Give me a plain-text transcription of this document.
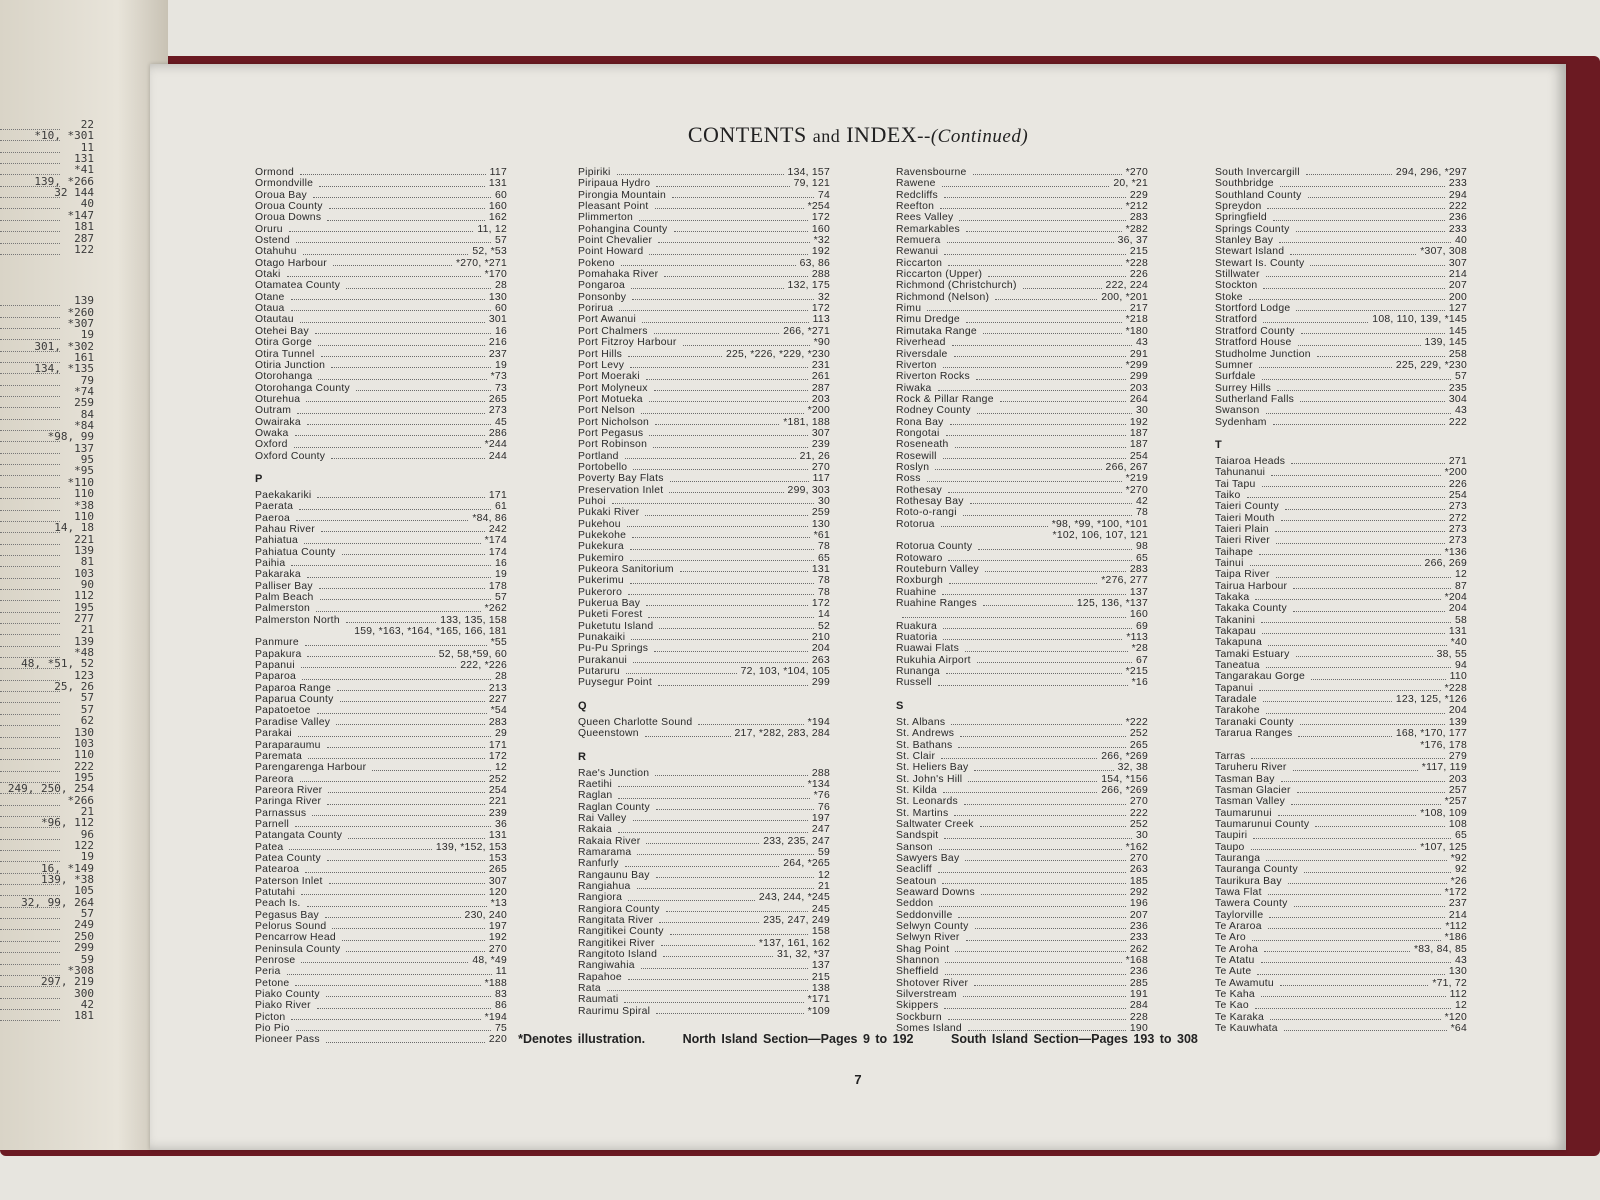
22
*10, *301
11
131
*41
139, *266
32 144
40
*147
181
287
122
139
*260
*307
19
301, *302
161
134, *135
79
*74
259
84
*84
*98, 99
137
95
*95
*110
110
*38
110
14, 18
221
139
81
103
90
112
195
277
21
139
*48
48, *51, 52
123
25, 26
57
57
62
130
103
110
222
195
249, 250, 254
*266
21
*96, 112
96
122
19
16, *149
139, *38
105
32, 99, 264
57
249
250
299
59
*308
297, 219
300
42
181
CONTENTS and INDEX--(Continued)
Ormond	117
Ormondville	131
Oroua Bay	60
Oroua County	160
Oroua Downs	162
Oruru	11, 12
Ostend	57
Otahuhu	52, *53
Otago Harbour	*270, *271
Otaki	*170
Otamatea County	28
Otane	130
Otaua	60
Otautau	301
Otehei Bay	16
Otira Gorge	216
Otira Tunnel	237
Otiria Junction	19
Otorohanga	*73
Otorohanga County	73
Oturehua	265
Outram	273
Owairaka	45
Owaka	286
Oxford	*244
Oxford County	244
P
Paekakariki	171
Paerata	61
Paeroa	*84, 86
Pahau River	242
Pahiatua	*174
Pahiatua County	174
Paihia	16
Pakaraka	19
Palliser Bay	178
Palm Beach	57
Palmerston	*262
Palmerston North	133, 135, 158
159, *163, *164, *165, 166, 181
Panmure	*55
Papakura	52, 58,*59, 60
Papanui	222, *226
Paparoa	28
Paparoa Range	213
Paparua County	227
Papatoetoe	*54
Paradise Valley	283
Parakai	29
Paraparaumu	171
Paremata	172
Parengarenga Harbour	12
Pareora	252
Pareora River	254
Paringa River	221
Parnassus	239
Parnell	36
Patangata County	131
Patea	139, *152, 153
Patea County	153
Patearoa	265
Paterson Inlet	307
Patutahi	120
Peach Is.	*13
Pegasus Bay	230, 240
Pelorus Sound	197
Pencarrow Head	192
Peninsula County	270
Penrose	48, *49
Peria	11
Petone	*188
Piako County	83
Piako River	86
Picton	*194
Pio Pio	75
Pioneer Pass	220
Pipiriki	134, 157
Piripaua Hydro	79, 121
Pirongia Mountain	74
Pleasant Point	*254
Plimmerton	172
Pohangina County	160
Point Chevalier	*32
Point Howard	192
Pokeno	63, 86
Pomahaka River	288
Pongaroa	132, 175
Ponsonby	32
Porirua	172
Port Awanui	113
Port Chalmers	266, *271
Port Fitzroy Harbour	*90
Port Hills	225, *226, *229, *230
Port Levy	231
Port Moeraki	261
Port Molyneux	287
Port Motueka	203
Port Nelson	*200
Port Nicholson	*181, 188
Port Pegasus	307
Port Robinson	239
Portland	21, 26
Portobello	270
Poverty Bay Flats	117
Preservation Inlet	299, 303
Puhoi	30
Pukaki River	259
Pukehou	130
Pukekohe	*61
Pukekura	78
Pukemiro	65
Pukeora Sanitorium	131
Pukerimu	78
Pukeroro	78
Pukerua Bay	172
Puketi Forest	14
Puketutu Island	52
Punakaiki	210
Pu-Pu Springs	204
Purakanui	263
Putaruru	72, 103, *104, 105
Puysegur Point	299
Q
Queen Charlotte Sound	*194
Queenstown	217, *282, 283, 284
R
Rae's Junction	288
Raetihi	*134
Raglan	*76
Raglan County	76
Rai Valley	197
Rakaia	247
Rakaia River	233, 235, 247
Ramarama	59
Ranfurly	264, *265
Rangaunu Bay	12
Rangiahua	21
Rangiora	243, 244, *245
Rangiora County	245
Rangitata River	235, 247, 249
Rangitikei County	158
Rangitikei River	*137, 161, 162
Rangitoto Island	31, 32, *37
Rangiwahia	137
Rapahoe	215
Rata	138
Raumati	*171
Raurimu Spiral	*109
Ravensbourne	*270
Rawene	20, *21
Redcliffs	229
Reefton	*212
Rees Valley	283
Remarkables	*282
Remuera	36, 37
Rewanui	215
Riccarton	*228
Riccarton (Upper)	226
Richmond (Christchurch)	222, 224
Richmond (Nelson)	200, *201
Rimu	217
Rimu Dredge	*218
Rimutaka Range	*180
Riverhead	43
Riversdale	291
Riverton	*299
Riverton Rocks	299
Riwaka	203
Rock & Pillar Range	264
Rodney County	30
Rona Bay	192
Rongotai	187
Roseneath	187
Rosewill	254
Roslyn	266, 267
Ross	*219
Rothesay	*270
Rothesay Bay	42
Roto-o-rangi	78
Rotorua	*98, *99, *100, *101
*102, 106, 107, 121
Rotorua County	98
Rotowaro	65
Routeburn Valley	283
Roxburgh	*276, 277
Ruahine	137
Ruahine Ranges	125, 136, *137
160
Ruakura	69
Ruatoria	*113
Ruawai Flats	*28
Rukuhia Airport	67
Runanga	*215
Russell	*16
S
St. Albans	*222
St. Andrews	252
St. Bathans	265
St. Clair	266, *269
St. Heliers Bay	32, 38
St. John's Hill	154, *156
St. Kilda	266, *269
St. Leonards	270
St. Martins	222
Saltwater Creek	252
Sandspit	30
Sanson	*162
Sawyers Bay	270
Seacliff	263
Seatoun	185
Seaward Downs	292
Seddon	196
Seddonville	207
Selwyn County	236
Selwyn River	233
Shag Point	262
Shannon	*168
Sheffield	236
Shotover River	285
Silverstream	191
Skippers	284
Sockburn	228
Somes Island	190
South Invercargill	294, 296, *297
Southbridge	233
Southland County	294
Spreydon	222
Springfield	236
Springs County	233
Stanley Bay	40
Stewart Island	*307, 308
Stewart Is. County	307
Stillwater	214
Stockton	207
Stoke	200
Stortford Lodge	127
Stratford	108, 110, 139, *145
Stratford County	145
Stratford House	139, 145
Studholme Junction	258
Sumner	225, 229, *230
Surfdale	57
Surrey Hills	235
Sutherland Falls	304
Swanson	43
Sydenham	222
T
Taiaroa Heads	271
Tahunanui	*200
Tai Tapu	226
Taiko	254
Taieri County	273
Taieri Mouth	272
Taieri Plain	273
Taieri River	273
Taihape	*136
Tainui	266, 269
Taipa River	12
Tairua Harbour	87
Takaka	*204
Takaka County	204
Takanini	58
Takapau	131
Takapuna	*40
Tamaki Estuary	38, 55
Taneatua	94
Tangarakau Gorge	110
Tapanui	*228
Taradale	123, 125, *126
Tarakohe	204
Taranaki County	139
Tararua Ranges	168, *170, 177
*176, 178
Tarras	279
Taruheru River	*117, 119
Tasman Bay	203
Tasman Glacier	257
Tasman Valley	*257
Taumarunui	*108, 109
Taumarunui County	108
Taupiri	65
Taupo	*107, 125
Tauranga	*92
Tauranga County	92
Taurikura Bay	*26
Tawa Flat	*172
Tawera County	237
Taylorville	214
Te Araroa	*112
Te Aro	*186
Te Aroha	*83, 84, 85
Te Atatu	43
Te Aute	130
Te Awamutu	*71, 72
Te Kaha	112
Te Kao	12
Te Karaka	*120
Te Kauwhata	*64
*Denotes illustration.	North Island Section—Pages 9 to 192	South Island Section—Pages 193 to 308
7
